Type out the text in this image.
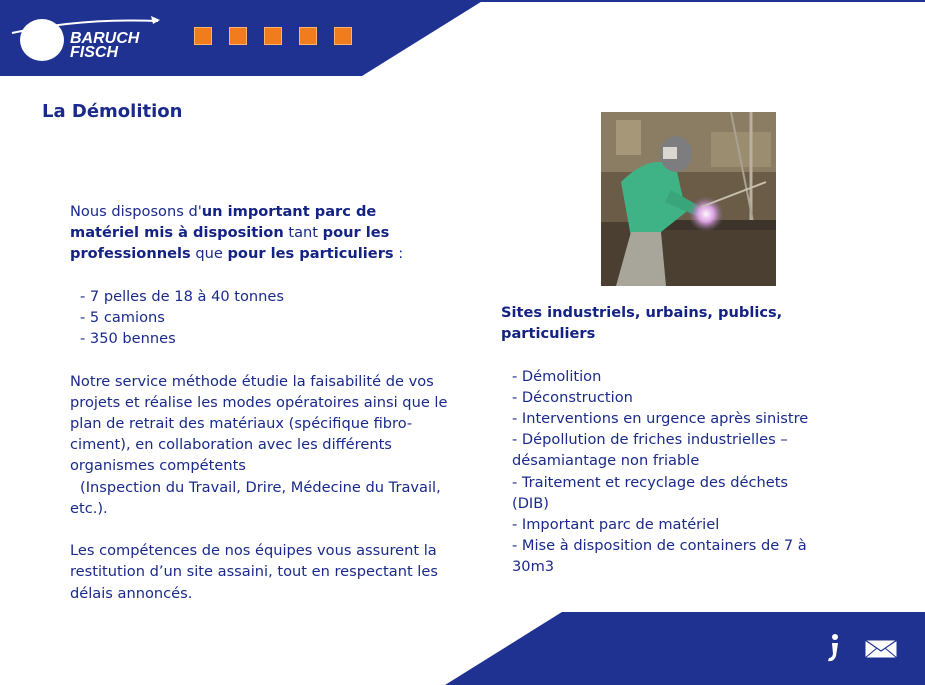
BARUCH
FISCH
La Démolition

Nous disposons d'un important parc de matériel mis à disposition tant pour les professionnels que pour les particuliers :

- 7 pelles de 18 à 40 tonnes
- 5 camions
- 350 bennes

Notre service méthode étudie la faisabilité de vos projets et réalise les modes opératoires ainsi que le plan de retrait des matériaux (spécifique fibro-ciment), en collaboration avec les différents organismes compétents
(Inspection du Travail, Drire, Médecine du Travail, etc.).

Les compétences de nos équipes vous assurent la restitution d’un site assaini, tout en respectant les délais annoncés.

Sites industriels, urbains, publics, particuliers

- Démolition
- Déconstruction
- Interventions en urgence après sinistre
- Dépollution de friches industrielles – désamiantage non friable
- Traitement et recyclage des déchets (DIB)
- Important parc de matériel
- Mise à disposition de containers de 7 à 30m3
